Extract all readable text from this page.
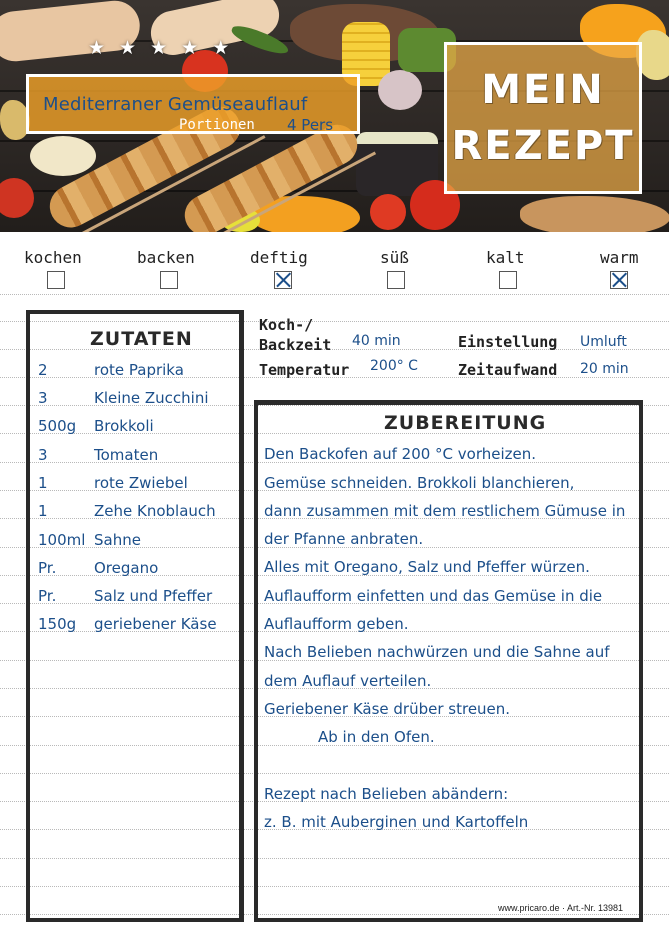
★ ★ ★ ★ ★
Mediterraner Gemüseauflauf
Portionen 4 Pers
MEIN
REZEPT
kochen	backen	deftig	süß	kalt	warm
ZUTATEN
2	rote Paprika
3	Kleine Zucchini
500g Brokkoli
3	Tomaten
1	rote Zwiebel
1	Zehe Knoblauch
100ml Sahne
Pr.	Oregano
Pr.	Salz und Pfeffer
150g geriebener Käse
Koch-/
Backzeit 40 min	Einstellung Umluft
Temperatur 200° C	Zeitaufwand 20 min
ZUBEREITUNG
Den Backofen auf 200 °C vorheizen.
Gemüse schneiden. Brokkoli blanchieren,
dann zusammen mit dem restlichem Gümuse in
der Pfanne anbraten.
Alles mit Oregano, Salz und Pfeffer würzen.
Auflaufform einfetten und das Gemüse in die
Auflaufform geben.
Nach Belieben nachwürzen und die Sahne auf
dem Auflauf verteilen.
Geriebener Käse drüber streuen.
Ab in den Ofen.
Rezept nach Belieben abändern:
z. B. mit Auberginen und Kartoffeln
www.pricaro.de · Art.-Nr. 13981
